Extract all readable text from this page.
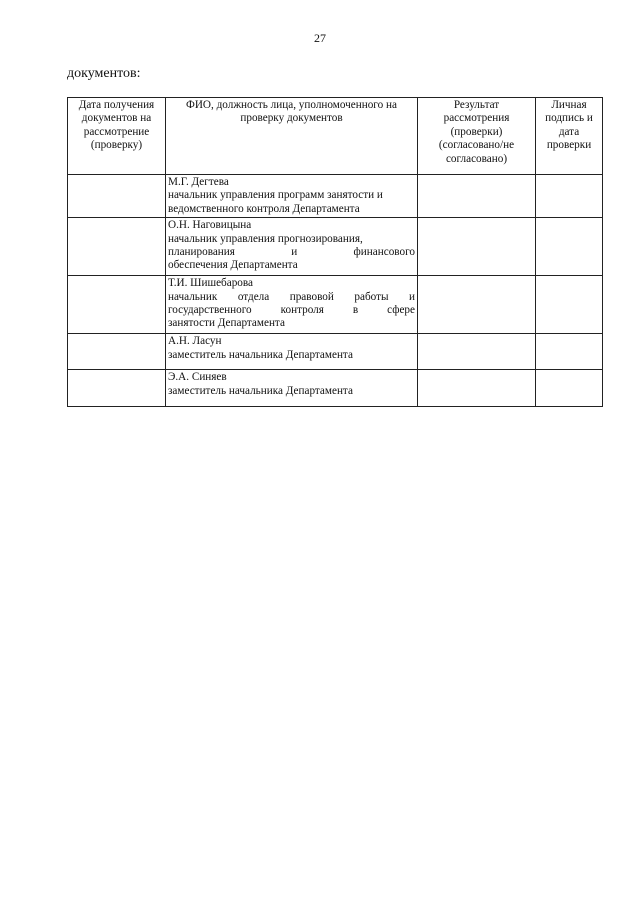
27
документов:
Дата получения документов на рассмотрение (проверку)	ФИО, должность лица, уполномоченного на проверку документов	Результат рассмотрения (проверки) (согласовано/не согласовано)	Личная подпись и дата проверки

	М.Г. Дегтева
начальник управления программ занятости и
ведомственного контроля Департамента		

	О.Н. Наговицына
начальник управления прогнозирования,
планирования и финансового
обеспечения Департамента		

	Т.И. Шишебарова
начальник отдела правовой работы и
государственного контроля в сфере
занятости Департамента		

	А.Н. Ласун
заместитель начальника Департамента		

	Э.А. Синяев
заместитель начальника Департамента		
